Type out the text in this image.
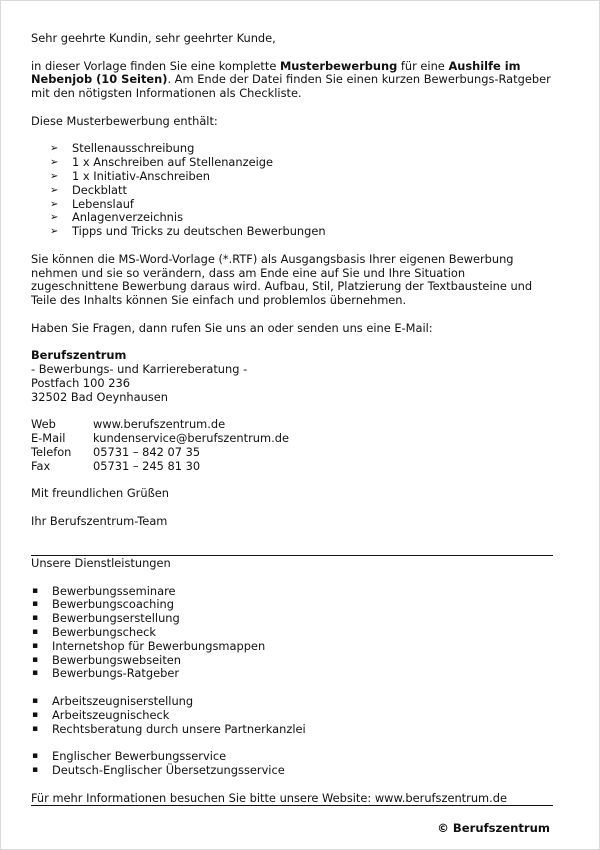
Sehr geehrte Kundin, sehr geehrter Kunde,

in dieser Vorlage finden Sie eine komplette Musterbewerbung für eine Aushilfe im Nebenjob (10 Seiten). Am Ende der Datei finden Sie einen kurzen Bewerbungs-Ratgeber mit den nötigsten Informationen als Checkliste.

Diese Musterbewerbung enthält:

➢ Stellenausschreibung
➢ 1 x Anschreiben auf Stellenanzeige
➢ 1 x Initiativ-Anschreiben
➢ Deckblatt
➢ Lebenslauf
➢ Anlagenverzeichnis
➢ Tipps und Tricks zu deutschen Bewerbungen

Sie können die MS-Word-Vorlage (*.RTF) als Ausgangsbasis Ihrer eigenen Bewerbung nehmen und sie so verändern, dass am Ende eine auf Sie und Ihre Situation zugeschnittene Bewerbung daraus wird. Aufbau, Stil, Platzierung der Textbausteine und Teile des Inhalts können Sie einfach und problemlos übernehmen.

Haben Sie Fragen, dann rufen Sie uns an oder senden uns eine E-Mail:

Berufszentrum

- Bewerbungs- und Karriereberatung -

Postfach 100 236

32502 Bad Oeynhausen

Web	www.berufszentrum.de
E-Mail	kundenservice@berufszentrum.de
Telefon	05731 – 842 07 35
Fax	05731 – 245 81 30

Mit freundlichen Grüßen

Ihr Berufszentrum-Team

Unsere Dienstleistungen

▪ Bewerbungsseminare
▪ Bewerbungscoaching
▪ Bewerbungserstellung
▪ Bewerbungscheck
▪ Internetshop für Bewerbungsmappen
▪ Bewerbungswebseiten
▪ Bewerbungs-Ratgeber
▪ Arbeitszeugniserstellung
▪ Arbeitszeugnischeck
▪ Rechtsberatung durch unsere Partnerkanzlei
▪ Englischer Bewerbungsservice
▪ Deutsch-Englischer Übersetzungsservice

Für mehr Informationen besuchen Sie bitte unsere Website: www.berufszentrum.de

© Berufszentrum
